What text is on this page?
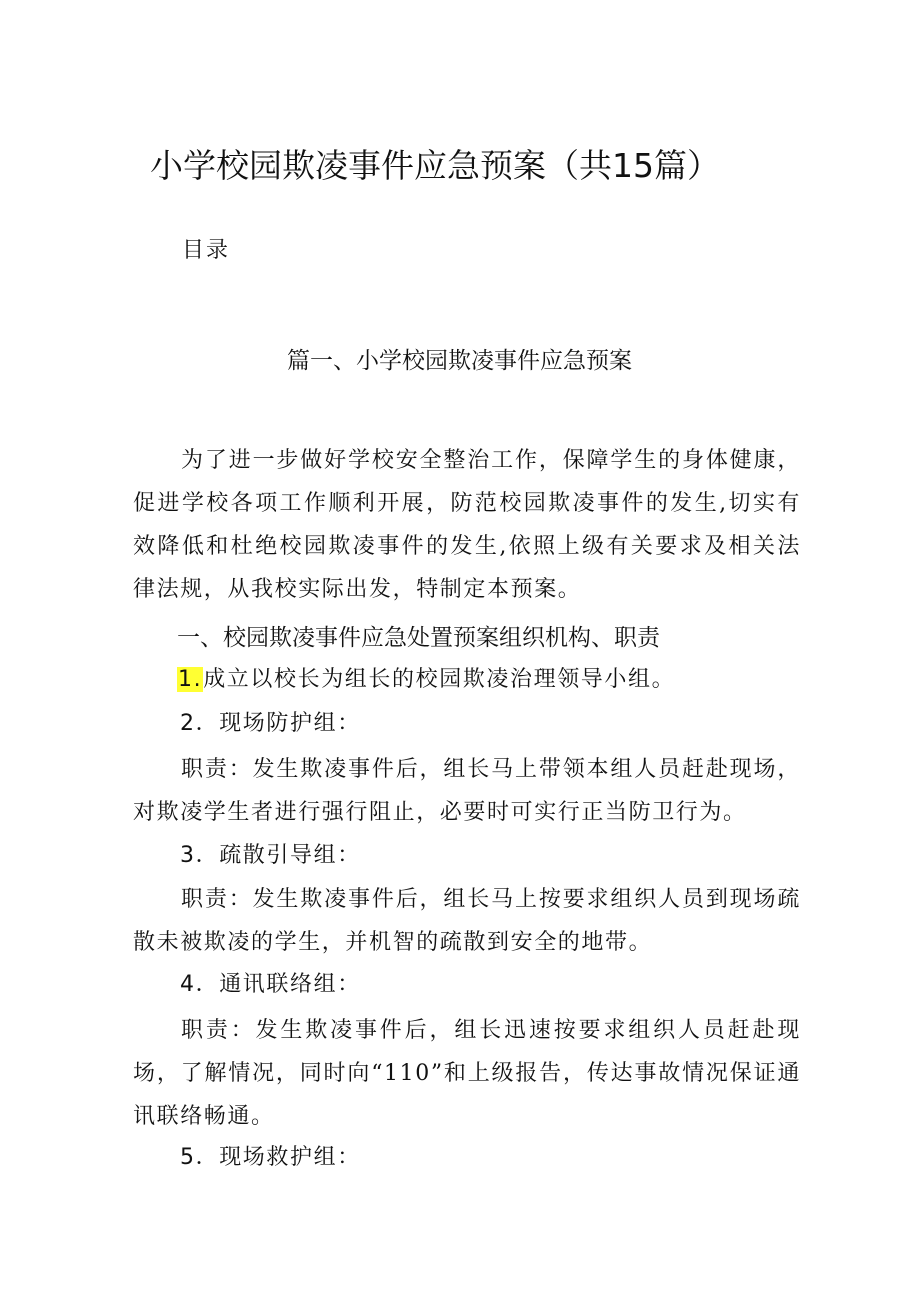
小学校园欺凌事件应急预案（共15篇）
目录
篇一、小学校园欺凌事件应急预案

为了进一步做好学校安全整治工作，保障学生的身体健康，促进学校各项工作顺利开展，防范校园欺凌事件的发生,切实有效降低和杜绝校园欺凌事件的发生,依照上级有关要求及相关法律法规，从我校实际出发，特制定本预案。

一、校园欺凌事件应急处置预案组织机构、职责
1.成立以校长为组长的校园欺凌治理领导小组。
2．现场防护组：

职责：发生欺凌事件后，组长马上带领本组人员赶赴现场，对欺凌学生者进行强行阻止，必要时可实行正当防卫行为。

3．疏散引导组：

职责：发生欺凌事件后，组长马上按要求组织人员到现场疏散未被欺凌的学生，并机智的疏散到安全的地带。

4．通讯联络组：

职责：发生欺凌事件后，组长迅速按要求组织人员赶赴现场，了解情况，同时向“110”和上级报告，传达事故情况保证通讯联络畅通。

5．现场救护组：
